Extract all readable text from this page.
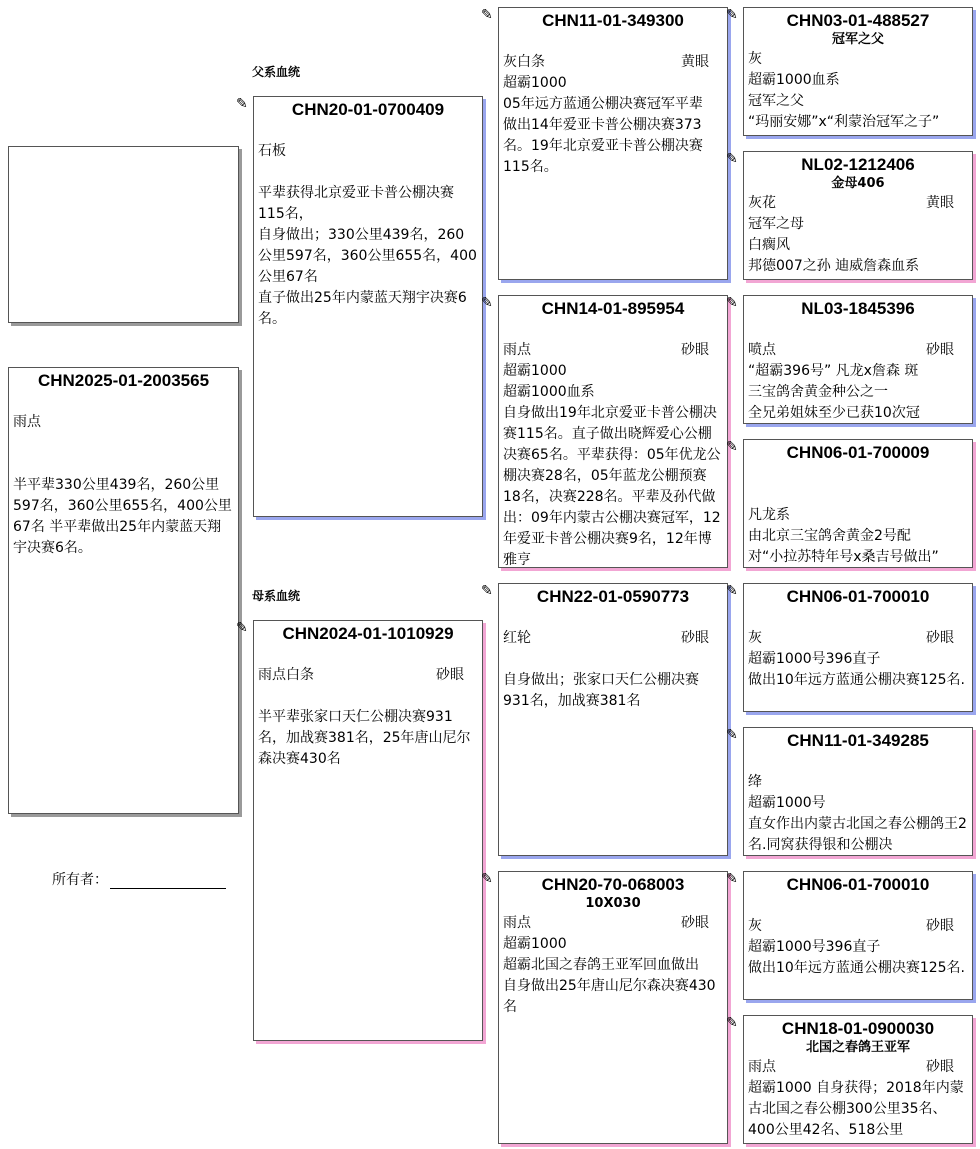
父系血统
母系血统
CHN2025-01-2003565
雨点
半平辈330公里439名，260公里597名，360公里655名，400公里67名 半平辈做出25年内蒙蓝天翔宇决赛6名。
所有者：
✎	CHN20-01-0700409
石板
平辈获得北京爱亚卡普公棚决赛115名，
自身做出；330公里439名，260公里597名，360公里655名，400公里67名
直子做出25年内蒙蓝天翔宇决赛6名。
✎	CHN2024-01-1010929
雨点白条	砂眼
半平辈张家口天仁公棚决赛931名，加战赛381名，25年唐山尼尔森决赛430名
✎	CHN11-01-349300
灰白条	黄眼
超霸1000
05年远方蓝通公棚决赛冠军平辈
做出14年爱亚卡普公棚决赛373名。19年北京爱亚卡普公棚决赛115名。
✎	CHN14-01-895954
雨点	砂眼
超霸1000
超霸1000血系
自身做出19年北京爱亚卡普公棚决赛115名。直子做出晓辉爱心公棚决赛65名。平辈获得：05年优龙公棚决赛28名，05年蓝龙公棚预赛18名，决赛228名。平辈及孙代做出：09年内蒙古公棚决赛冠军，12年爱亚卡普公棚决赛9名，12年博雅亨
✎	CHN22-01-0590773
红轮	砂眼
自身做出；张家口天仁公棚决赛931名，加战赛381名
✎	CHN20-70-068003
10X030
雨点	砂眼
超霸1000
超霸北国之春鸽王亚军回血做出
自身做出25年唐山尼尔森决赛430名
✎	CHN03-01-488527
冠军之父
灰
超霸1000血系
冠军之父
“玛丽安娜”x“利蒙治冠军之子”
✎	NL02-1212406
金母406
灰花	黄眼
冠军之母
白瘸风
邦德007之孙 迪威詹森血系
✎	NL03-1845396
喷点	砂眼
“超霸396号” 凡龙x詹森 斑
三宝鸽舍黄金种公之一
全兄弟姐妹至少已获10次冠
✎	CHN06-01-700009
凡龙系
由北京三宝鸽舍黄金2号配
对“小拉苏特年号x桑吉号做出”
✎	CHN06-01-700010
灰	砂眼
超霸1000号396直子
做出10年远方蓝通公棚决赛125名.
✎	CHN11-01-349285
绛
超霸1000号
直女作出内蒙古北国之春公棚鸽王2名.同窝获得银和公棚决
✎	CHN06-01-700010
灰	砂眼
超霸1000号396直子
做出10年远方蓝通公棚决赛125名.
✎	CHN18-01-0900030
北国之春鸽王亚军
雨点	砂眼
超霸1000 自身获得；2018年内蒙古北国之春公棚300公里35名、400公里42名、518公里
